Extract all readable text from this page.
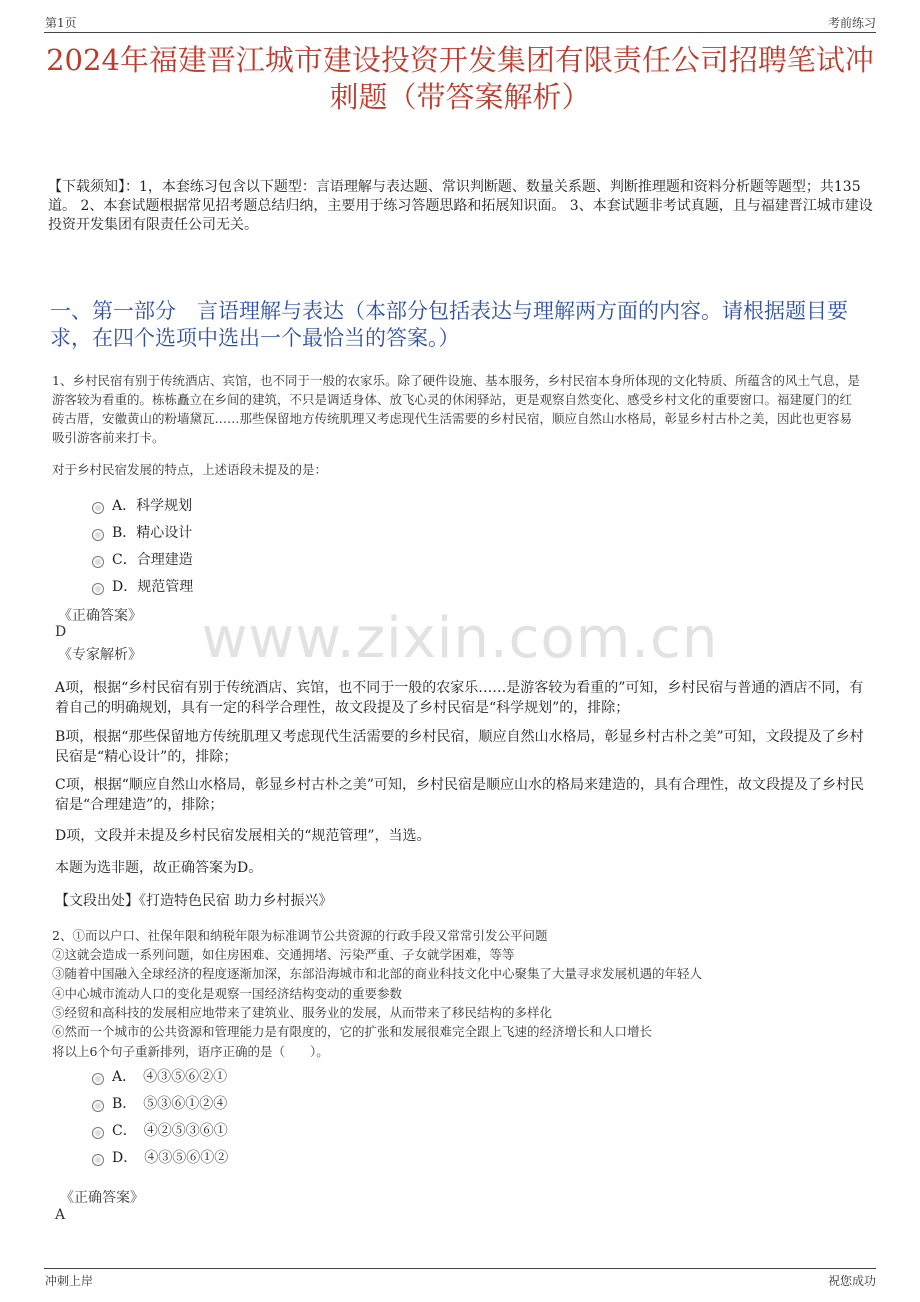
第1页	考前练习
2024年福建晋江城市建设投资开发集团有限责任公司招聘笔试冲刺题（带答案解析）
【下载须知】：1，本套练习包含以下题型：言语理解与表达题、常识判断题、数量关系题、判断推理题和资料分析题等题型；共135道。 2、本套试题根据常见招考题总结归纳，主要用于练习答题思路和拓展知识面。 3、本套试题非考试真题，且与福建晋江城市建设投资开发集团有限责任公司无关。
一、第一部分　言语理解与表达（本部分包括表达与理解两方面的内容。请根据题目要求，在四个选项中选出一个最恰当的答案。）
www.zixin.com.cn
1、乡村民宿有别于传统酒店、宾馆，也不同于一般的农家乐。除了硬件设施、基本服务，乡村民宿本身所体现的文化特质、所蕴含的风土气息，是游客较为看重的。栋栋矗立在乡间的建筑，不只是调适身体、放飞心灵的休闲驿站，更是观察自然变化、感受乡村文化的重要窗口。福建厦门的红砖古厝，安徽黄山的粉墙黛瓦……那些保留地方传统肌理又考虑现代生活需要的乡村民宿，顺应自然山水格局，彰显乡村古朴之美，因此也更容易吸引游客前来打卡。
对于乡村民宿发展的特点，上述语段未提及的是：
A．科学规划
B．精心设计
C．合理建造
D．规范管理
《正确答案》
D
《专家解析》
A项，根据“乡村民宿有别于传统酒店、宾馆，也不同于一般的农家乐……是游客较为看重的”可知，乡村民宿与普通的酒店不同，有着自己的明确规划，具有一定的科学合理性，故文段提及了乡村民宿是“科学规划”的，排除；
B项，根据“那些保留地方传统肌理又考虑现代生活需要的乡村民宿，顺应自然山水格局，彰显乡村古朴之美”可知，文段提及了乡村民宿是“精心设计”的，排除；
C项，根据“顺应自然山水格局，彰显乡村古朴之美”可知，乡村民宿是顺应山水的格局来建造的，具有合理性，故文段提及了乡村民宿是“合理建造”的，排除；
D项，文段并未提及乡村民宿发展相关的“规范管理”，当选。
本题为选非题，故正确答案为D。
【文段出处】《打造特色民宿 助力乡村振兴》
2、①而以户口、社保年限和纳税年限为标准调节公共资源的行政手段又常常引发公平问题
②这就会造成一系列问题，如住房困难、交通拥堵、污染严重、子女就学困难，等等
③随着中国融入全球经济的程度逐渐加深，东部沿海城市和北部的商业科技文化中心聚集了大量寻求发展机遇的年轻人
④中心城市流动人口的变化是观察一国经济结构变动的重要参数
⑤经贸和高科技的发展相应地带来了建筑业、服务业的发展，从而带来了移民结构的多样化
⑥然而一个城市的公共资源和管理能力是有限度的，它的扩张和发展很难完全跟上飞速的经济增长和人口增长
将以上6个句子重新排列，语序正确的是（　　）。
A．　④③⑤⑥②①
B．　⑤③⑥①②④
C．　④②⑤③⑥①
D．　④③⑤⑥①②
《正确答案》
A
冲刺上岸	祝您成功
